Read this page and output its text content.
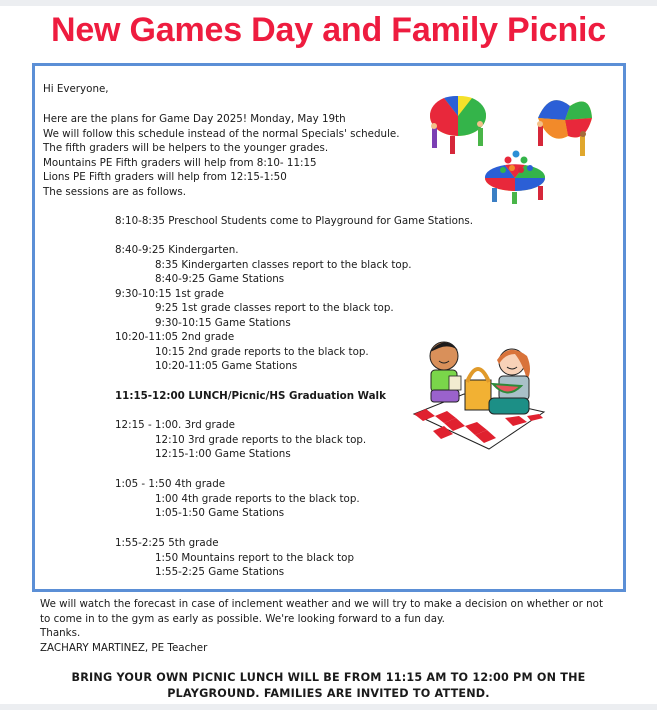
New Games Day and Family Picnic
Hi Everyone,
Here are the plans for Game Day 2025! Monday, May 19th
We will follow this schedule instead of the normal Specials' schedule.
The fifth graders will be helpers to the younger grades.
Mountains PE Fifth graders will help from 8:10- 11:15
Lions PE Fifth graders will help from 12:15-1:50
The sessions are as follows.
8:10-8:35 Preschool Students come to Playground for Game Stations.
8:40-9:25 Kindergarten.
8:35 Kindergarten classes report to the black top.
8:40-9:25 Game Stations
9:30-10:15 1st grade
9:25 1st grade classes report to the black top.
9:30-10:15 Game Stations
10:20-11:05 2nd grade
10:15 2nd grade reports to the black top.
10:20-11:05 Game Stations
11:15-12:00 LUNCH/Picnic/HS Graduation Walk
12:15 - 1:00. 3rd grade
12:10 3rd grade reports to the black top.
12:15-1:00 Game Stations
1:05 - 1:50 4th grade
1:00 4th grade reports to the black top.
1:05-1:50 Game Stations
1:55-2:25 5th grade
1:50 Mountains report to the black top
1:55-2:25 Game Stations
We will watch the forecast in case of inclement weather and we will try to make a decision on whether or not
to come in to the gym as early as possible. We're looking forward to a fun day.
Thanks.
ZACHARY MARTINEZ, PE Teacher
BRING YOUR OWN PICNIC LUNCH WILL BE FROM 11:15 AM TO 12:00 PM ON THE
PLAYGROUND. FAMILIES ARE INVITED TO ATTEND.
